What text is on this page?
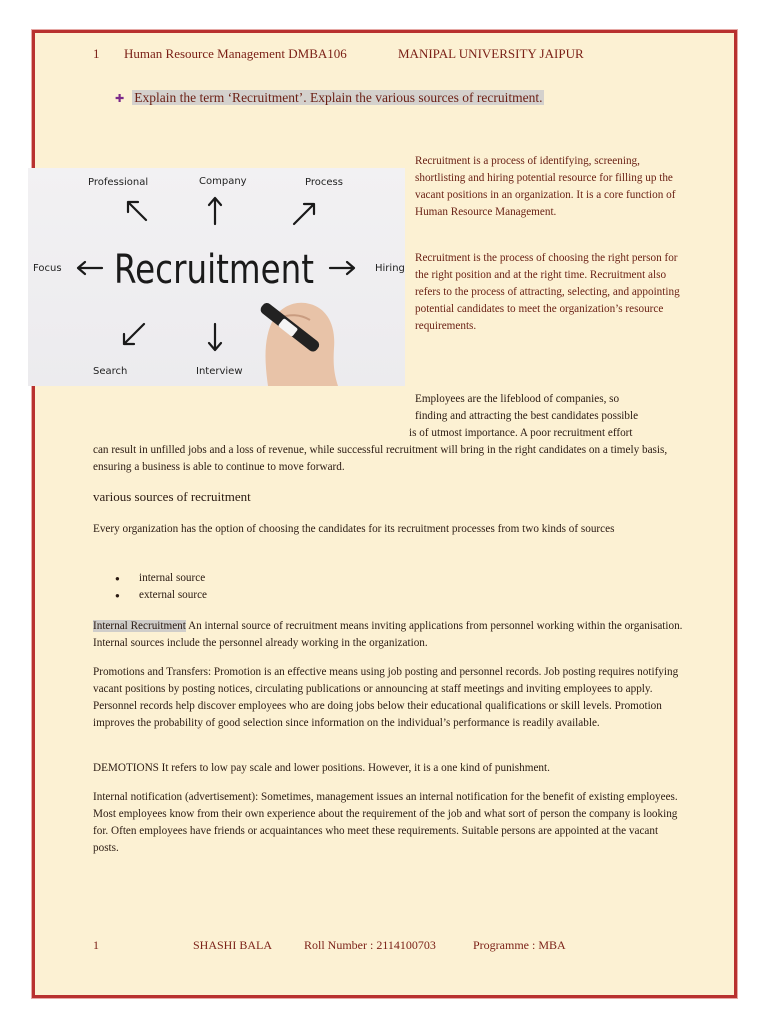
1 Human Resource Management DMBA106	MANIPAL UNIVERSITY JAIPUR
✚ Explain the term ‘Recruitment’. Explain the various sources of recruitment.
Professional	Company	Process
Focus	Hiring
Search	Interview
Recruitment
Recruitment is a process of identifying, screening, shortlisting and hiring potential resource for filling up the vacant positions in an organization. It is a core function of Human Resource Management.
Recruitment is the process of choosing the right person for the right position and at the right time. Recruitment also refers to the process of attracting, selecting, and appointing potential candidates to meet the organization’s resource requirements.
Employees are the lifeblood of companies, so
finding and attracting the best candidates possible
is of utmost importance. A poor recruitment effort
can result in unfilled jobs and a loss of revenue, while successful recruitment will bring in the right candidates on a timely basis, ensuring a business is able to continue to move forward.
various sources of recruitment
Every organization has the option of choosing the candidates for its recruitment processes from two kinds of sources
● internal source
● external source
Internal Recruitment An internal source of recruitment means inviting applications from personnel working within the organisation. Internal sources include the personnel already working in the organization.
Promotions and Transfers: Promotion is an effective means using job posting and personnel records. Job posting requires notifying vacant positions by posting notices, circulating publications or announcing at staff meetings and inviting employees to apply. Personnel records help discover employees who are doing jobs below their educational qualifications or skill levels. Promotion improves the probability of good selection since information on the individual’s performance is readily available.
DEMOTIONS It refers to low pay scale and lower positions. However, it is a one kind of punishment.
Internal notification (advertisement): Sometimes, management issues an internal notification for the benefit of existing employees. Most employees know from their own experience about the requirement of the job and what sort of person the company is looking for. Often employees have friends or acquaintances who meet these requirements. Suitable persons are appointed at the vacant posts.
1	SHASHI BALA	Roll Number : 2114100703	Programme : MBA
